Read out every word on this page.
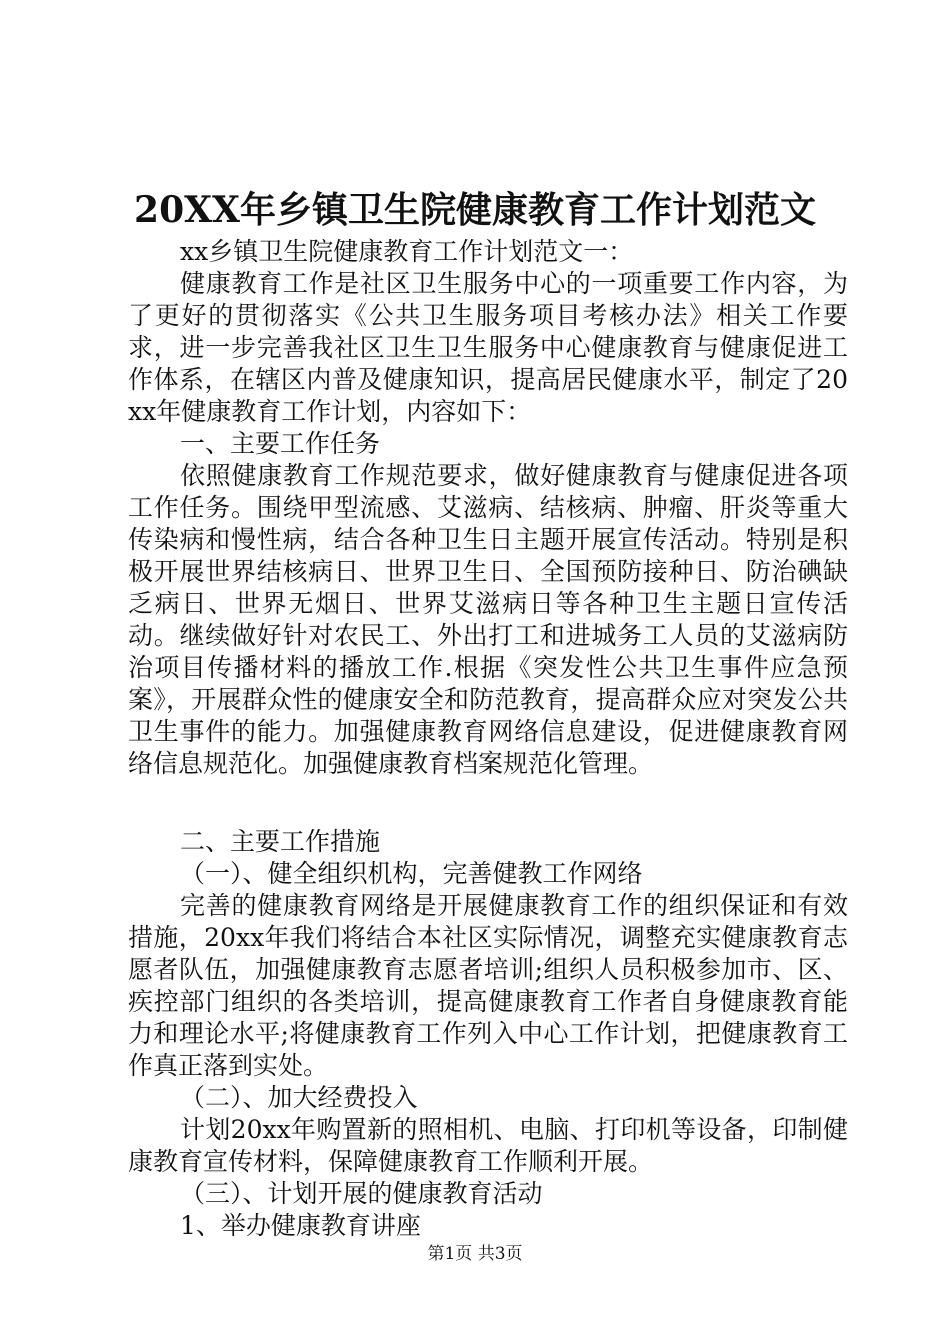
20XX年乡镇卫生院健康教育工作计划范文

xx乡镇卫生院健康教育工作计划范文一：

健康教育工作是社区卫生服务中心的一项重要工作内容，为了更好的贯彻落实《公共卫生服务项目考核办法》相关工作要求，进一步完善我社区卫生卫生服务中心健康教育与健康促进工作体系，在辖区内普及健康知识，提高居民健康水平，制定了20xx年健康教育工作计划，内容如下：

一、主要工作任务

依照健康教育工作规范要求，做好健康教育与健康促进各项工作任务。围绕甲型流感、艾滋病、结核病、肿瘤、肝炎等重大传染病和慢性病，结合各种卫生日主题开展宣传活动。特别是积极开展世界结核病日、世界卫生日、全国预防接种日、防治碘缺乏病日、世界无烟日、世界艾滋病日等各种卫生主题日宣传活动。继续做好针对农民工、外出打工和进城务工人员的艾滋病防治项目传播材料的播放工作.根据《突发性公共卫生事件应急预案》，开展群众性的健康安全和防范教育，提高群众应对突发公共卫生事件的能力。加强健康教育网络信息建设，促进健康教育网络信息规范化。加强健康教育档案规范化管理。

二、主要工作措施

（一）、健全组织机构，完善健教工作网络

完善的健康教育网络是开展健康教育工作的组织保证和有效措施，20xx年我们将结合本社区实际情况，调整充实健康教育志愿者队伍，加强健康教育志愿者培训;组织人员积极参加市、区、疾控部门组织的各类培训，提高健康教育工作者自身健康教育能力和理论水平;将健康教育工作列入中心工作计划，把健康教育工作真正落到实处。

（二）、加大经费投入

计划20xx年购置新的照相机、电脑、打印机等设备，印制健康教育宣传材料，保障健康教育工作顺利开展。

（三）、计划开展的健康教育活动

1、举办健康教育讲座

第1页 共3页
